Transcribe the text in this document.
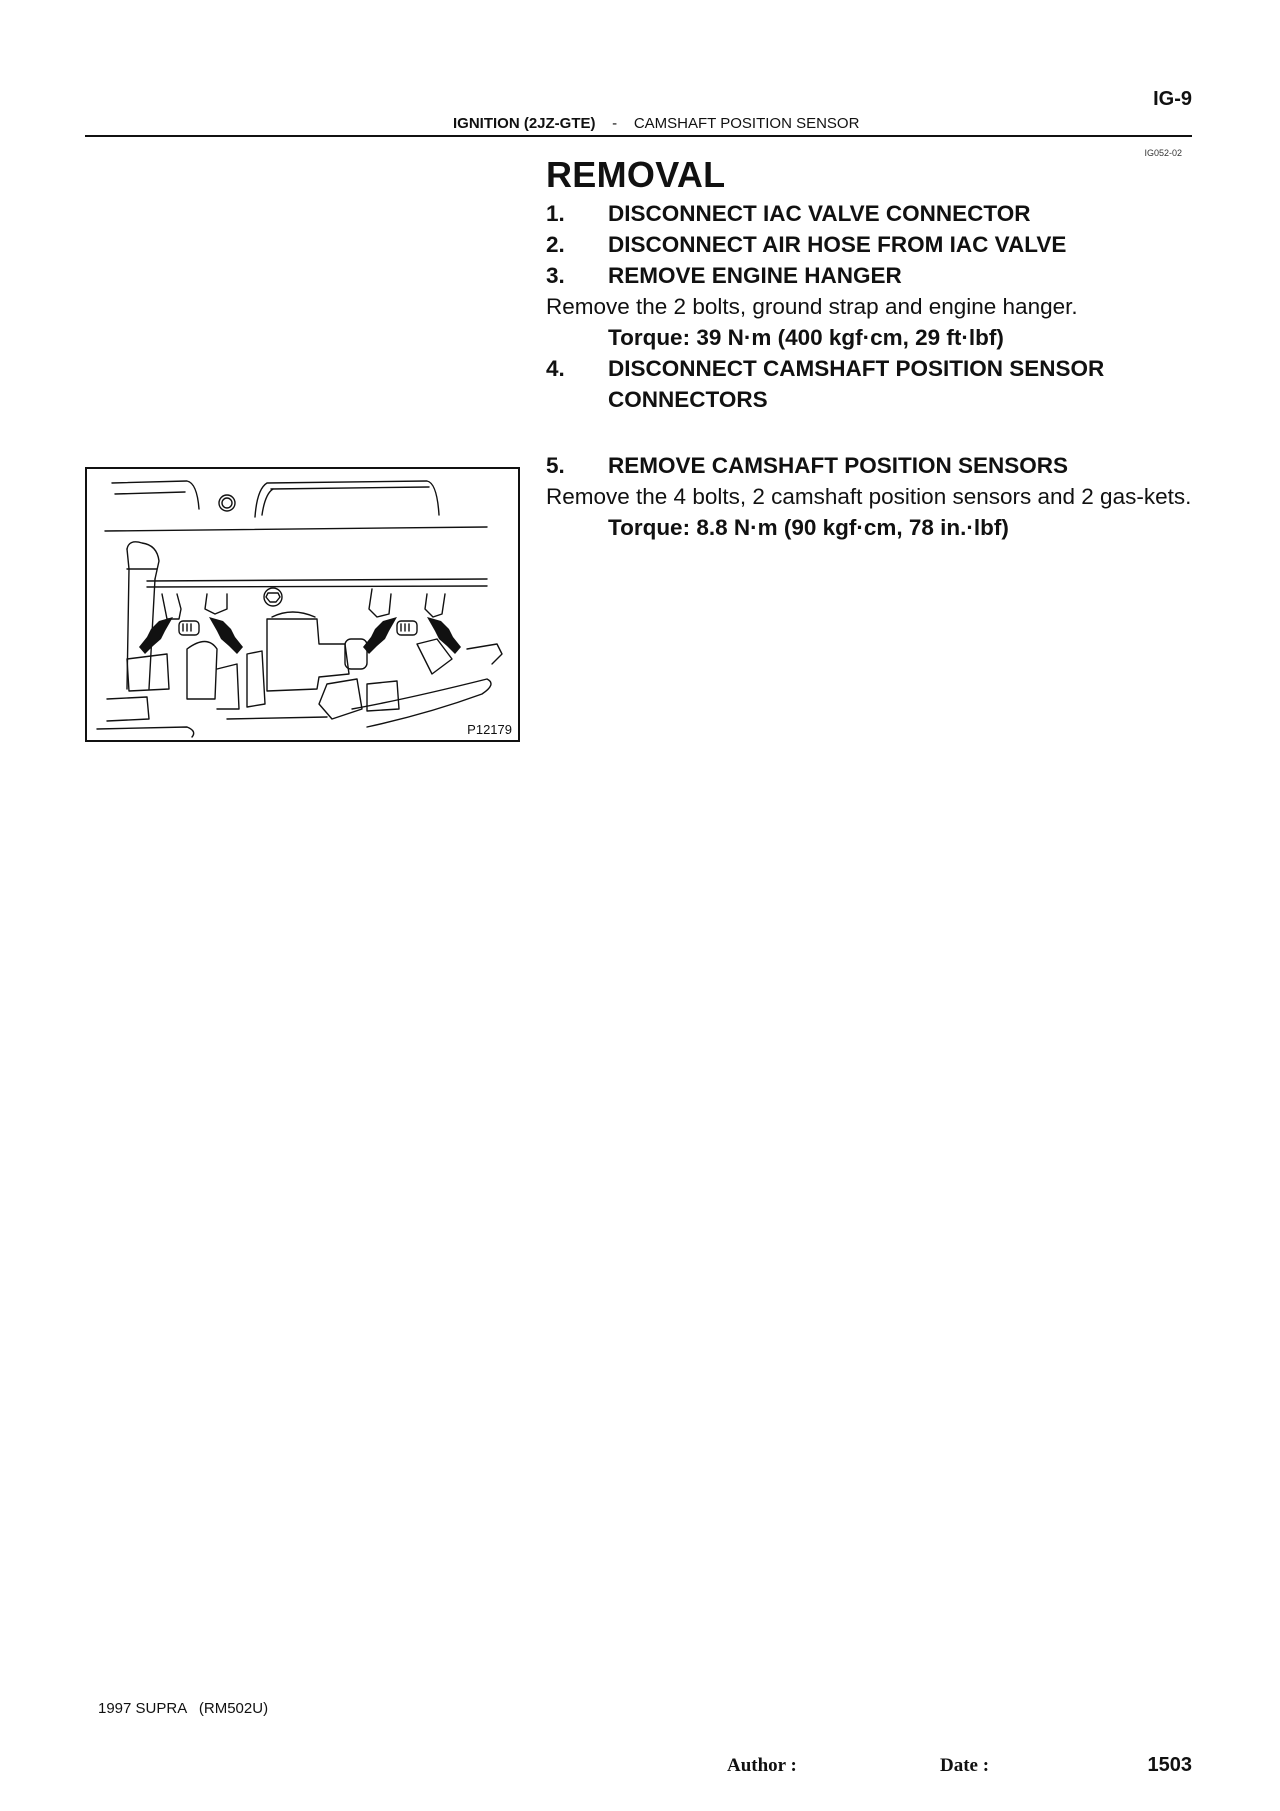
IG-9
IGNITION (2JZ-GTE) - CAMSHAFT POSITION SENSOR
IG052-02
REMOVAL
1.	DISCONNECT IAC VALVE CONNECTOR
2.	DISCONNECT AIR HOSE FROM IAC VALVE
3.	REMOVE ENGINE HANGER
Remove the 2 bolts, ground strap and engine hanger.
Torque: 39 N·m (400 kgf·cm, 29 ft·lbf)
4.	DISCONNECT CAMSHAFT POSITION SENSOR CONNECTORS
5.	REMOVE CAMSHAFT POSITION SENSORS
Remove the 4 bolts, 2 camshaft position sensors and 2 gas-kets.
Torque: 8.8 N·m (90 kgf·cm, 78 in.·lbf)
P12179
1997 SUPRA   (RM502U)
Author :	Date :	1503
